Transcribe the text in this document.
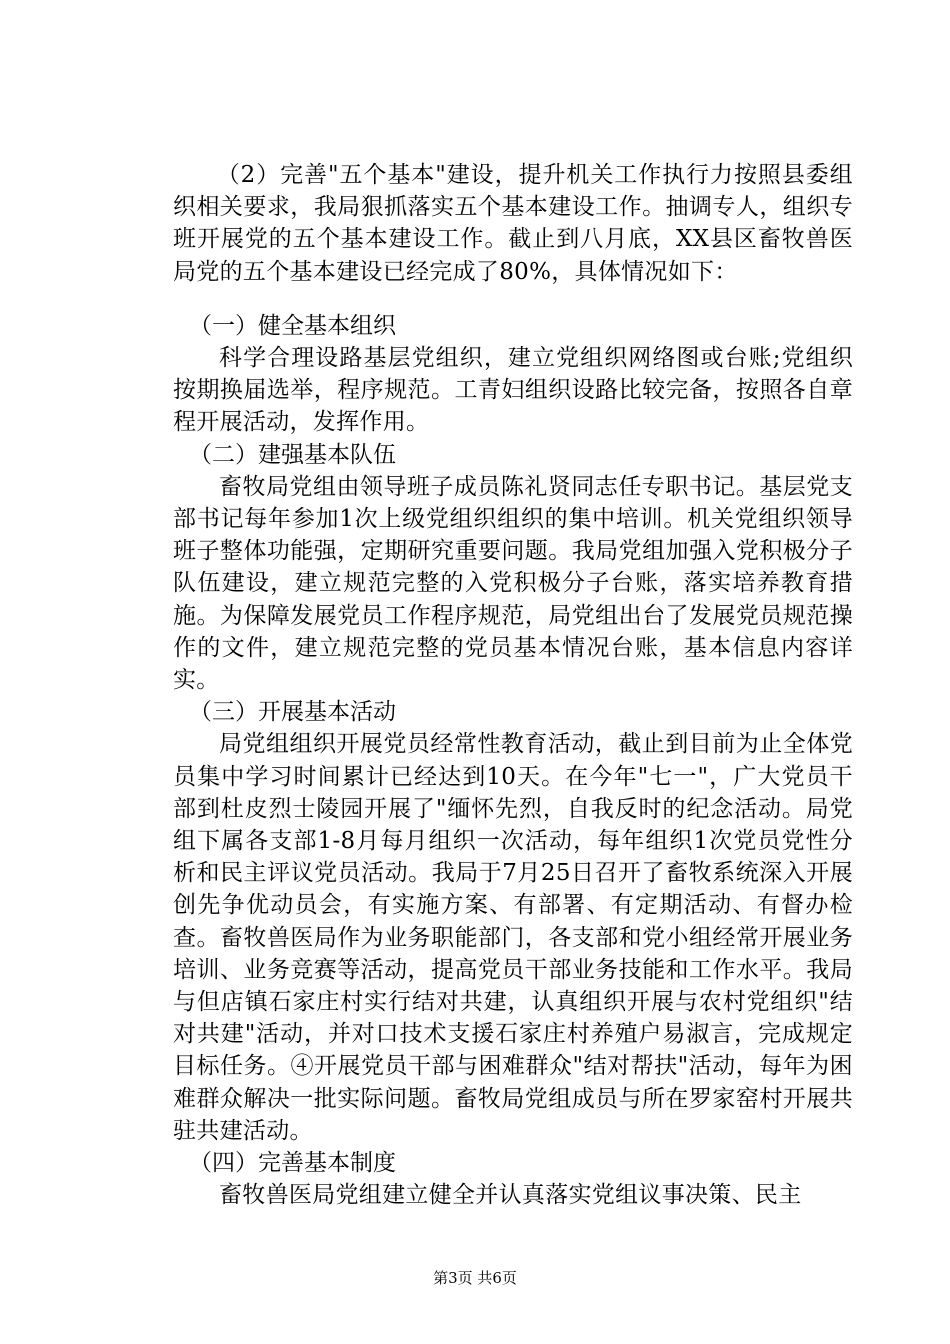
（2）完善"五个基本"建设，提升机关工作执行力按照县委组织相关要求，我局狠抓落实五个基本建设工作。抽调专人，组织专班开展党的五个基本建设工作。截止到八月底，XX县区畜牧兽医局党的五个基本建设已经完成了80%，具体情况如下：

（一）健全基本组织

科学合理设路基层党组织，建立党组织网络图或台账;党组织按期换届选举，程序规范。工青妇组织设路比较完备，按照各自章程开展活动，发挥作用。

（二）建强基本队伍

畜牧局党组由领导班子成员陈礼贤同志任专职书记。基层党支部书记每年参加1次上级党组织组织的集中培训。机关党组织领导班子整体功能强，定期研究重要问题。我局党组加强入党积极分子队伍建设，建立规范完整的入党积极分子台账，落实培养教育措施。为保障发展党员工作程序规范，局党组出台了发展党员规范操作的文件，建立规范完整的党员基本情况台账，基本信息内容详实。

（三）开展基本活动

局党组组织开展党员经常性教育活动，截止到目前为止全体党员集中学习时间累计已经达到10天。在今年"七一"，广大党员干部到杜皮烈士陵园开展了"缅怀先烈，自我反时的纪念活动。局党组下属各支部1-8月每月组织一次活动，每年组织1次党员党性分析和民主评议党员活动。我局于7月25日召开了畜牧系统深入开展创先争优动员会，有实施方案、有部署、有定期活动、有督办检查。畜牧兽医局作为业务职能部门，各支部和党小组经常开展业务培训、业务竞赛等活动，提高党员干部业务技能和工作水平。我局与但店镇石家庄村实行结对共建，认真组织开展与农村党组织"结对共建"活动，并对口技术支援石家庄村养殖户易淑言，完成规定目标任务。④开展党员干部与困难群众"结对帮扶"活动，每年为困难群众解决一批实际问题。畜牧局党组成员与所在罗家窑村开展共驻共建活动。

（四）完善基本制度

畜牧兽医局党组建立健全并认真落实党组议事决策、民主

第3页 共6页
